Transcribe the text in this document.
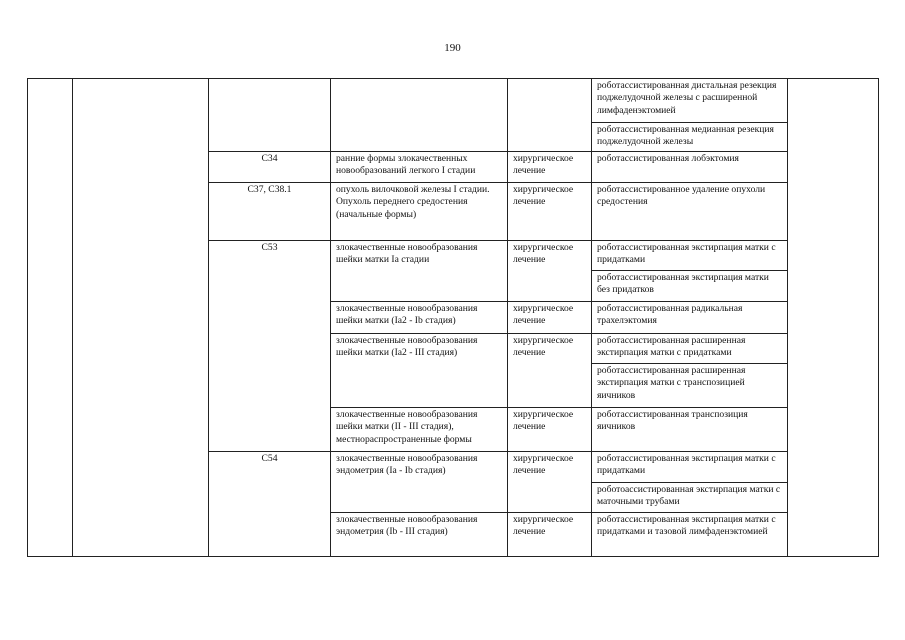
190
					роботассистированная дистальная резекция поджелудочной железы с расширенной лимфаденэктомией	
					роботассистированная медианная резекция поджелудочной железы	
		C34	ранние формы злокачественных новообразований легкого I стадии	хирургическое лечение	роботассистированная лобэктомия	
		C37, C38.1	опухоль вилочковой железы I стадии. Опухоль переднего средостения (начальные формы)	хирургическое лечение	роботассистированное удаление опухоли средостения	
		C53	злокачественные новообразования шейки матки Ia стадии	хирургическое лечение	роботассистированная экстирпация матки с придатками	
					роботассистированная экстирпация матки без придатков	
			злокачественные новообразования шейки матки (Ia2 - Ib стадия)	хирургическое лечение	роботассистированная радикальная трахелэктомия	
			злокачественные новообразования шейки матки (Ia2 - III стадия)	хирургическое лечение	роботассистированная расширенная экстирпация матки с придатками	
					роботассистированная расширенная экстирпация матки с транспозицией яичников	
			злокачественные новообразования шейки матки (II - III стадия), местнораспространенные формы	хирургическое лечение	роботассистированная транспозиция яичников	
		C54	злокачественные новообразования эндометрия (Ia - Ib стадия)	хирургическое лечение	роботассистированная экстирпация матки с придатками	
					роботоассистированная экстирпация матки с маточными трубами	
			злокачественные новообразования эндометрия (Ib - III стадия)	хирургическое лечение	роботассистированная экстирпация матки с придатками и тазовой лимфаденэктомией	
